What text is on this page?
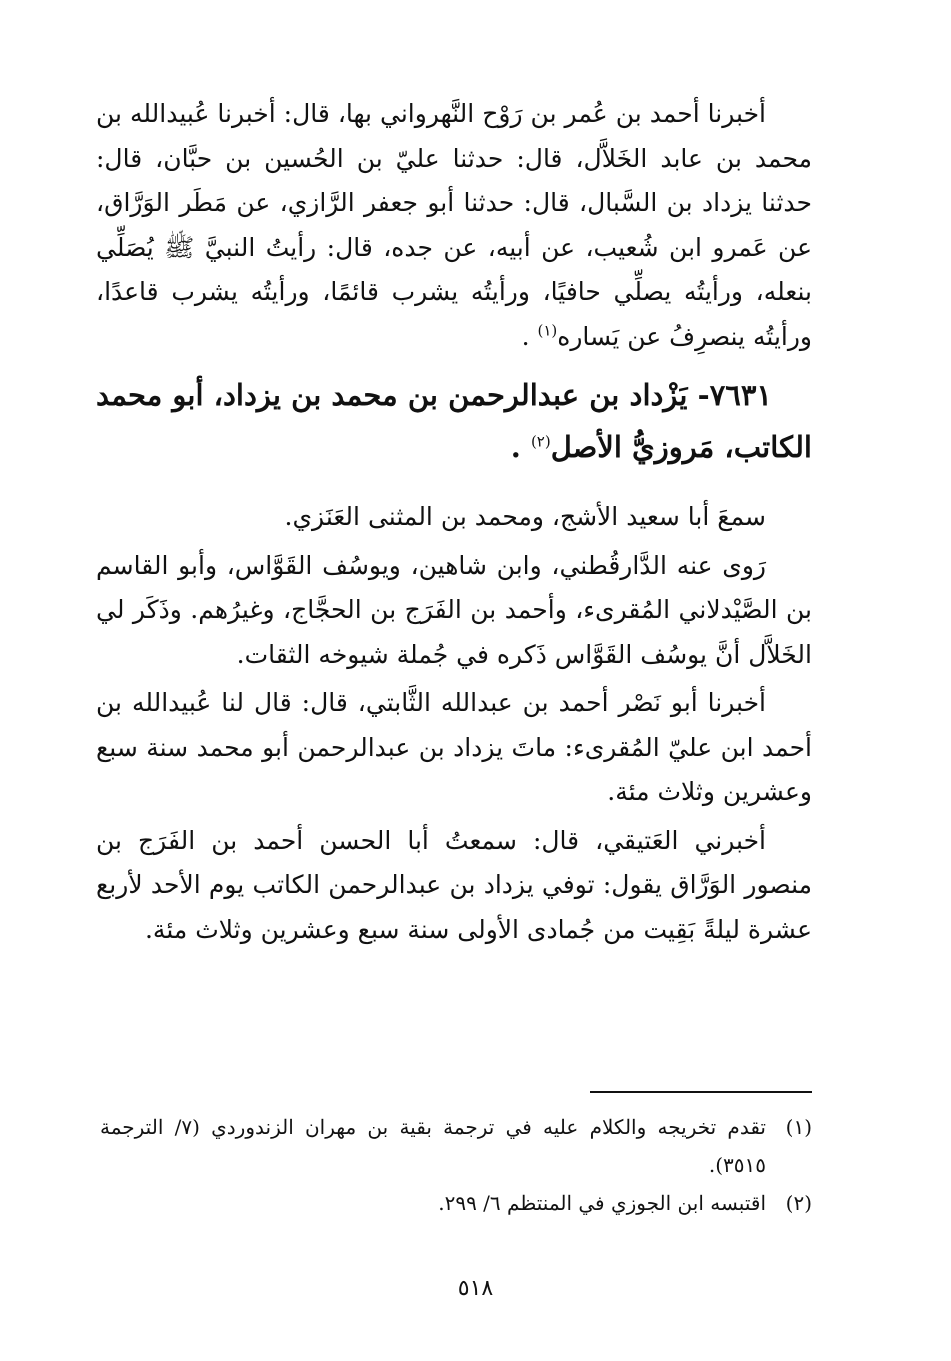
أخبرنا أحمد بن عُمر بن رَوْح النَّهرواني بها، قال: أخبرنا عُبيدالله بن محمد بن عابد الخَلاَّل، قال: حدثنا عليّ بن الحُسين بن حبَّان، قال: حدثنا يزداد بن السَّبال، قال: حدثنا أبو جعفر الرَّازي، عن مَطَر الوَرَّاق، عن عَمرو ابن شُعيب، عن أبيه، عن جده، قال: رأيتُ النبيَّ ﷺ يُصَلِّي بنعله، ورأيتُه يصلِّي حافيًا، ورأيتُه يشرب قائمًا، ورأيتُه يشرب قاعدًا، ورأيتُه ينصرِفُ عن يَساره$^{(١)}$ .

٧٦٣١- يَزْداد بن عبدالرحمن بن محمد بن يزداد، أبو محمد الكاتب، مَروزيُّ الأصل$^{(٢)}$ .

سمعَ أبا سعيد الأشج، ومحمد بن المثنى العَنَزي.

رَوى عنه الدَّارقُطني، وابن شاهين، ويوسُف القَوَّاس، وأبو القاسم بن الصَّيْدلاني المُقرىء، وأحمد بن الفَرَج بن الحجَّاج، وغيرُهم. وذَكَر لي الخَلاَّل أنَّ يوسُف القَوَّاس ذَكره في جُملة شيوخه الثقات.

أخبرنا أبو نَصْر أحمد بن عبدالله الثَّابتي، قال: قال لنا عُبيدالله بن أحمد ابن عليّ المُقرىء: ماتَ يزداد بن عبدالرحمن أبو محمد سنة سبع وعشرين وثلاث مئة.

أخبرني العَتيقي، قال: سمعتُ أبا الحسن أحمد بن الفَرَج بن منصور الوَرَّاق يقول: توفي يزداد بن عبدالرحمن الكاتب يوم الأحد لأربع عشرة ليلةً بَقِيت من جُمادى الأولى سنة سبع وعشرين وثلاث مئة.

(١)
تقدم تخريجه والكلام عليه في ترجمة بقية بن مهران الزندوردي (٧/ الترجمة ٣٥١٥).
(٢)
اقتبسه ابن الجوزي في المنتظم ٦/ ٢٩٩.
٥١٨
